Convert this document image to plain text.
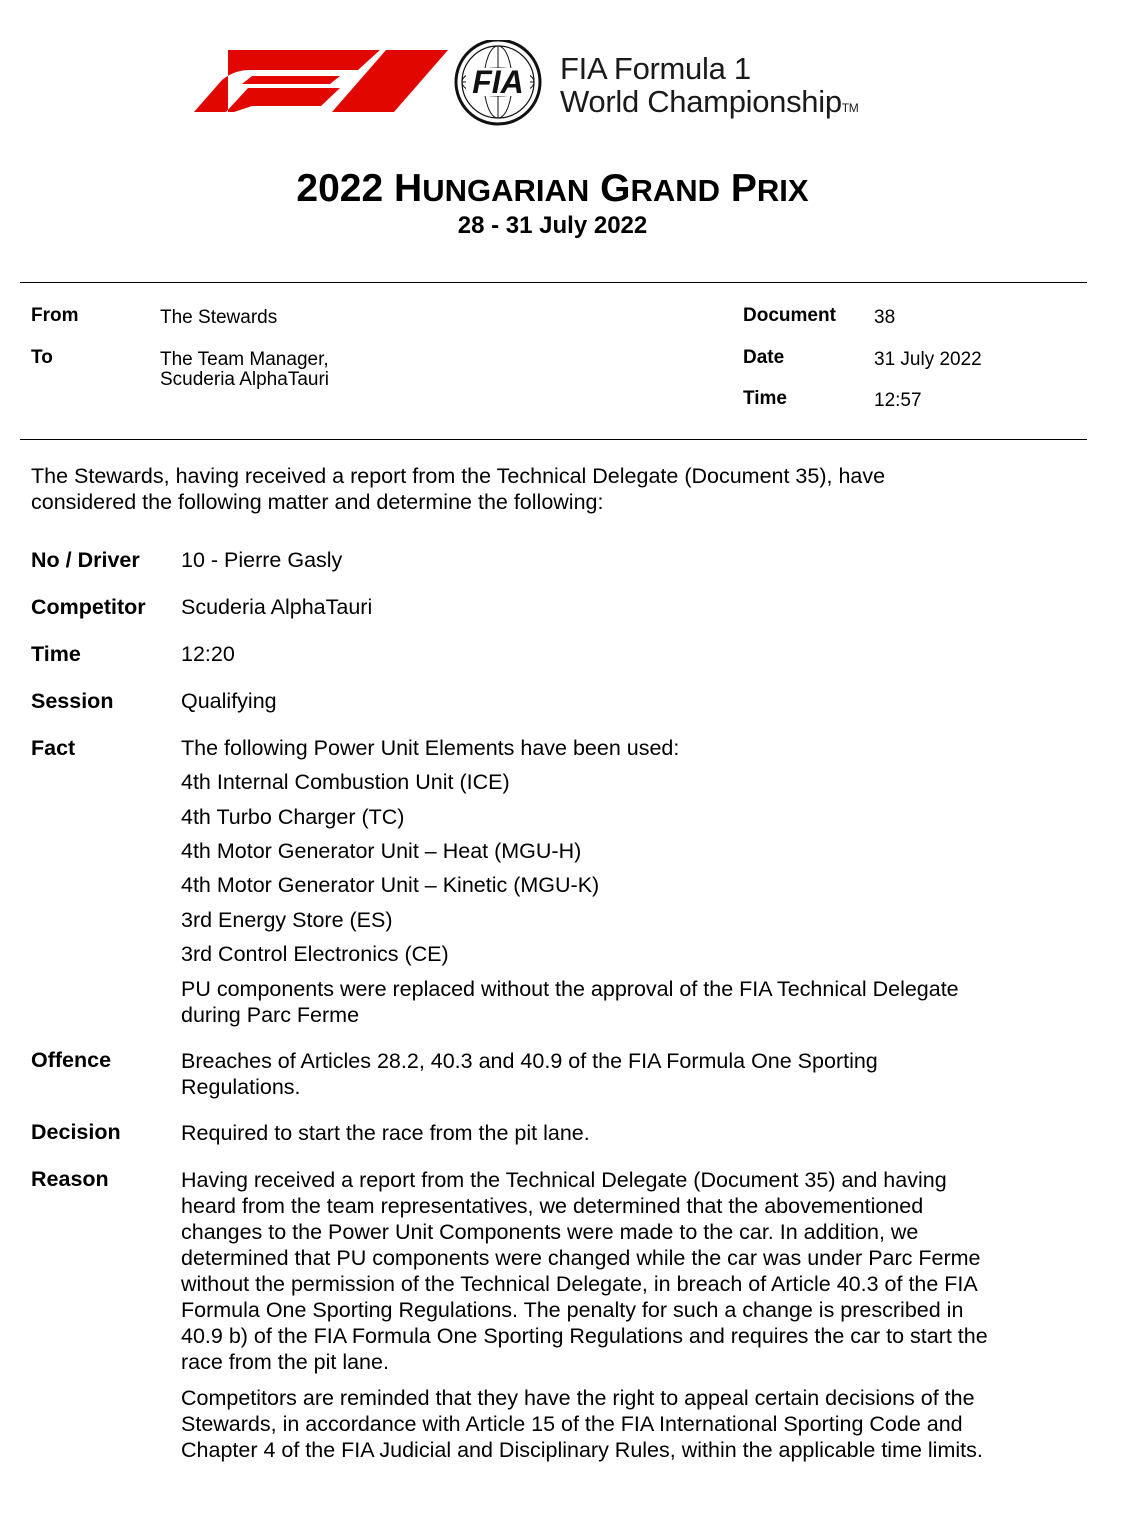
FIA FIA Formula 1
World ChampionshipTM
2022 HUNGARIAN GRAND PRIX
28 - 31 July 2022
From	The Stewards
To	The Team Manager,
Scuderia AlphaTauri
Document 38
Date	31 July 2022
Time	12:57
The Stewards, having received a report from the Technical Delegate (Document 35), have
considered the following matter and determine the following:
No / Driver 10 - Pierre Gasly
Competitor Scuderia AlphaTauri
Time	12:20
Session	Qualifying
Fact	The following Power Unit Elements have been used:
4th Internal Combustion Unit (ICE)
4th Turbo Charger (TC)
4th Motor Generator Unit – Heat (MGU-H)
4th Motor Generator Unit – Kinetic (MGU-K)
3rd Energy Store (ES)
3rd Control Electronics (CE)
PU components were replaced without the approval of the FIA Technical Delegate
during Parc Ferme
Offence	Breaches of Articles 28.2, 40.3 and 40.9 of the FIA Formula One Sporting
Regulations.
Decision	Required to start the race from the pit lane.
Reason	Having received a report from the Technical Delegate (Document 35) and having
heard from the team representatives, we determined that the abovementioned
changes to the Power Unit Components were made to the car. In addition, we
determined that PU components were changed while the car was under Parc Ferme
without the permission of the Technical Delegate, in breach of Article 40.3 of the FIA
Formula One Sporting Regulations. The penalty for such a change is prescribed in
40.9 b) of the FIA Formula One Sporting Regulations and requires the car to start the
race from the pit lane.
Competitors are reminded that they have the right to appeal certain decisions of the
Stewards, in accordance with Article 15 of the FIA International Sporting Code and
Chapter 4 of the FIA Judicial and Disciplinary Rules, within the applicable time limits.
